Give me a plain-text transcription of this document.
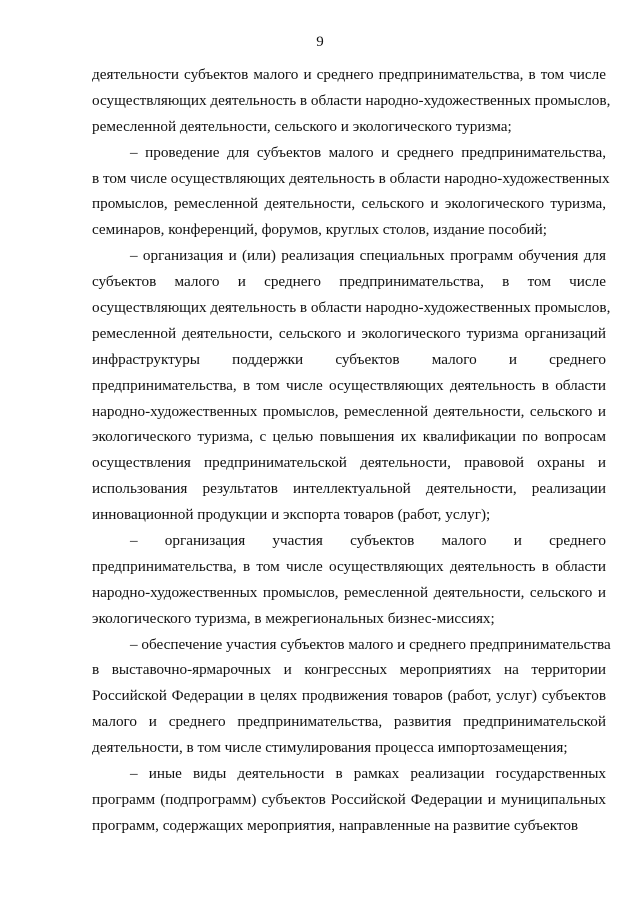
9
деятельности субъектов малого и среднего предпринимательства, в том числе
осуществляющих деятельность в области народно-художественных промыслов,
ремесленной деятельности, сельского и экологического туризма;
– проведение для субъектов малого и среднего предпринимательства,
в том числе осуществляющих деятельность в области народно-художественных
промыслов, ремесленной деятельности, сельского и экологического туризма,
семинаров, конференций, форумов, круглых столов, издание пособий;
– организация и (или) реализация специальных программ обучения для
субъектов малого и среднего предпринимательства, в том числе
осуществляющих деятельность в области народно-художественных промыслов,
ремесленной деятельности, сельского и экологического туризма организаций
инфраструктуры поддержки субъектов малого и среднего
предпринимательства, в том числе осуществляющих деятельность в области
народно-художественных промыслов, ремесленной деятельности, сельского и
экологического туризма, с целью повышения их квалификации по вопросам
осуществления предпринимательской деятельности, правовой охраны и
использования результатов интеллектуальной деятельности, реализации
инновационной продукции и экспорта товаров (работ, услуг);
– организация участия субъектов малого и среднего
предпринимательства, в том числе осуществляющих деятельность в области
народно-художественных промыслов, ремесленной деятельности, сельского и
экологического туризма, в межрегиональных бизнес-миссиях;
– обеспечение участия субъектов малого и среднего предпринимательства
в выставочно-ярмарочных и конгрессных мероприятиях на территории
Российской Федерации в целях продвижения товаров (работ, услуг) субъектов
малого и среднего предпринимательства, развития предпринимательской
деятельности, в том числе стимулирования процесса импортозамещения;
– иные виды деятельности в рамках реализации государственных
программ (подпрограмм) субъектов Российской Федерации и муниципальных
программ, содержащих мероприятия, направленные на развитие субъектов
